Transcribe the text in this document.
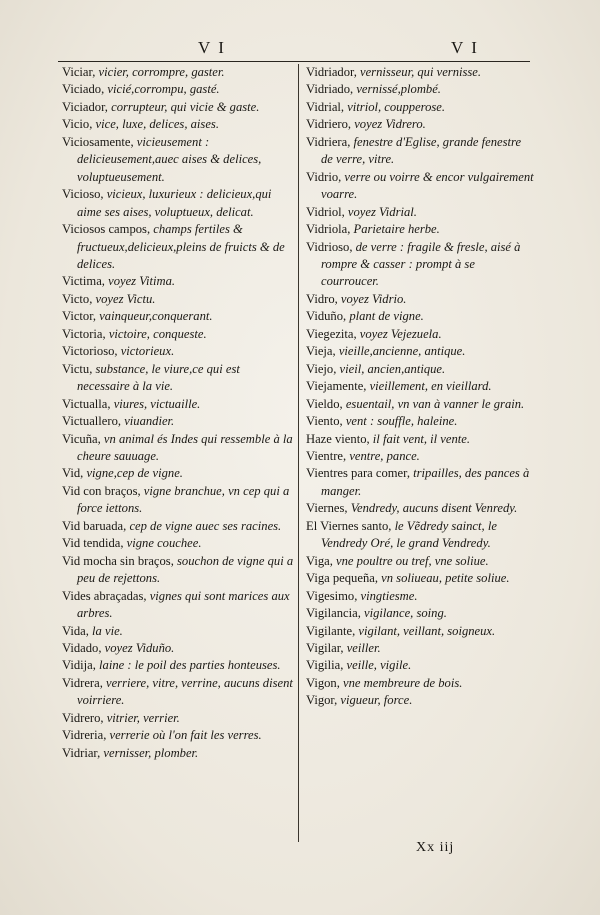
V I	V I
Viciar, vicier, corrompre, gaster.
Viciado, vicié,corrompu, gasté.
Viciador, corrupteur, qui vicie & gaste.
Vicio, vice, luxe, delices, aises.
Viciosamente, vicieusement : delicieusement,auec aises & delices, voluptueusement.
Vicioso, vicieux, luxurieux : delicieux,qui aime ses aises, voluptueux, delicat.
Viciosos campos, champs fertiles & fructueux,delicieux,pleins de fruicts & de delices.
Victima, voyez Vitima.
Victo, voyez Victu.
Victor, vainqueur,conquerant.
Victoria, victoire, conqueste.
Victorioso, victorieux.
Victu, substance, le viure,ce qui est necessaire à la vie.
Victualla, viures, victuaille.
Victuallero, viuandier.
Vicuña, vn animal és Indes qui ressemble à la cheure sauuage.
Vid, vigne,cep de vigne.
Vid con braços, vigne branchue, vn cep qui a force iettons.
Vid baruada, cep de vigne auec ses racines.
Vid tendida, vigne couchee.
Vid mocha sin braços, souchon de vigne qui a peu de rejettons.
Vides abraçadas, vignes qui sont marices aux arbres.
Vida, la vie.
Vidado, voyez Viduño.
Vidija, laine : le poil des parties honteuses.
Vidrera, verriere, vitre, verrine, aucuns disent voirriere.
Vidrero, vitrier, verrier.
Vidreria, verrerie où l'on fait les verres.
Vidriar, vernisser, plomber.
Vidriador, vernisseur, qui vernisse.
Vidriado, vernissé,plombé.
Vidrial, vitriol, coupperose.
Vidriero, voyez Vidrero.
Vidriera, fenestre d'Eglise, grande fenestre de verre, vitre.
Vidrio, verre ou voirre & encor vulgairement voarre.
Vidriol, voyez Vidrial.
Vidriola, Parietaire herbe.
Vidrioso, de verre : fragile & fresle, aisé à rompre & casser : prompt à se courroucer.
Vidro, voyez Vidrio.
Viduño, plant de vigne.
Viegezita, voyez Vejezuela.
Vieja, vieille,ancienne, antique.
Viejo, vieil, ancien,antique.
Viejamente, vieillement, en vieillard.
Vieldo, esuentail, vn van à vanner le grain.
Viento, vent : souffle, haleine.
Haze viento, il fait vent, il vente.
Vientre, ventre, pance.
Vientres para comer, tripailles, des pances à manger.
Viernes, Vendredy, aucuns disent Venredy.
El Viernes santo, le Vẽdredy sainct, le Vendredy Oré, le grand Vendredy.
Viga, vne poultre ou tref, vne soliue.
Viga pequeña, vn soliueau, petite soliue.
Vigesimo, vingtiesme.
Vigilancia, vigilance, soing.
Vigilante, vigilant, veillant, soigneux.
Vigilar, veiller.
Vigilia, veille, vigile.
Vigon, vne membreure de bois.
Vigor, vigueur, force.
Xx iij
